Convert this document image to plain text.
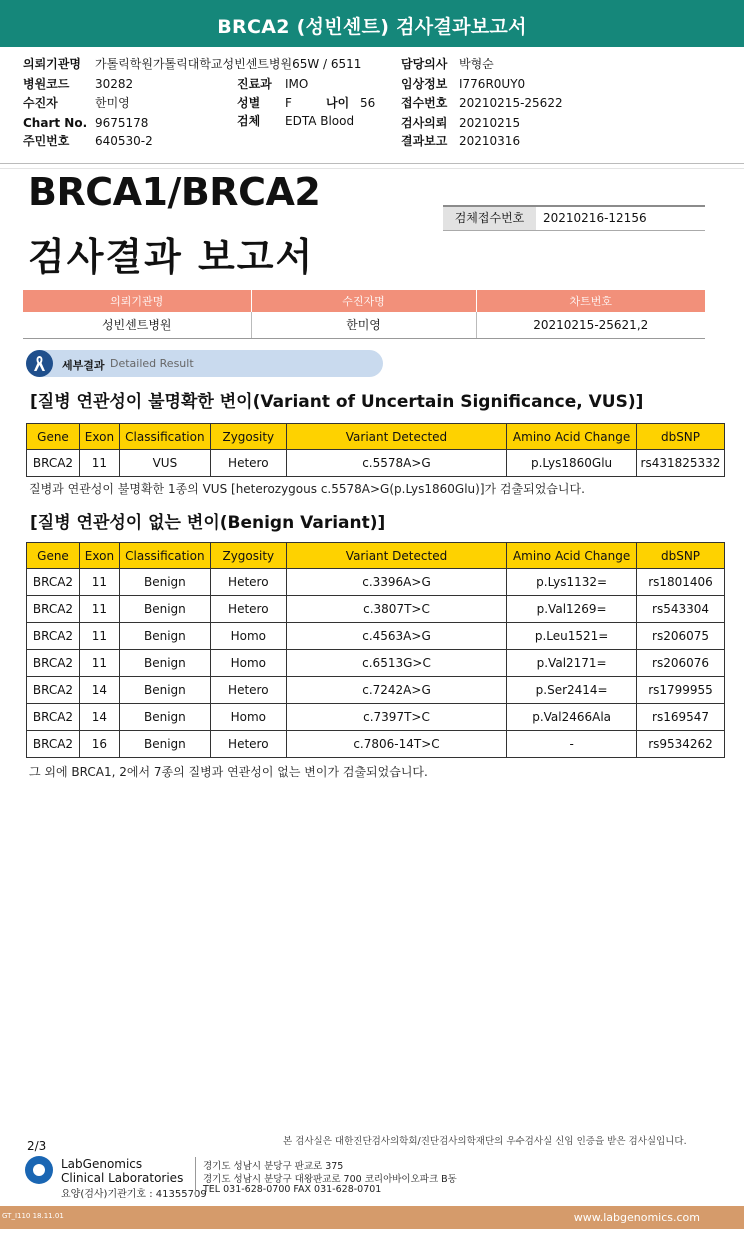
BRCA2 (성빈센트) 검사결과보고서
의뢰기관명 가톨릭학원가톨릭대학교성빈센트병원65W / 6511
병원코드 30282
수진자	한미영
Chart No. 9675178
주민번호 640530-2
진료과 IMO
성별 F	나이 56
검체 EDTA Blood
담당의사 박형순
임상정보 I776R0UY0
접수번호 20210215-25622
검사의뢰 20210215
결과보고 20210316
BRCA1/BRCA2
검사결과 보고서
검체접수번호	20210216-12156
의뢰기관명	수진자명	차트번호
성빈센트병원	한미영	20210215-25621,2
세부결과 Detailed Result
[질병 연관성이 불명확한 변이(Variant of Uncertain Significance, VUS)]
Gene	Exon	Classification	Zygosity	Variant Detected	Amino Acid Change	dbSNP
BRCA2	11	VUS	Hetero	c.5578A>G	p.Lys1860Glu	rs431825332
질병과 연관성이 불명확한 1종의 VUS [heterozygous c.5578A>G(p.Lys1860Glu)]가 검출되었습니다.
[질병 연관성이 없는 변이(Benign Variant)]
Gene	Exon	Classification	Zygosity	Variant Detected	Amino Acid Change	dbSNP
BRCA2	11	Benign	Hetero	c.3396A>G	p.Lys1132=	rs1801406
BRCA2	11	Benign	Hetero	c.3807T>C	p.Val1269=	rs543304
BRCA2	11	Benign	Homo	c.4563A>G	p.Leu1521=	rs206075
BRCA2	11	Benign	Homo	c.6513G>C	p.Val2171=	rs206076
BRCA2	14	Benign	Hetero	c.7242A>G	p.Ser2414=	rs1799955
BRCA2	14	Benign	Homo	c.7397T>C	p.Val2466Ala	rs169547
BRCA2	16	Benign	Hetero	c.7806-14T>C	-	rs9534262
그 외에 BRCA1, 2에서 7종의 질병과 연관성이 없는 변이가 검출되었습니다.
본 검사실은 대한진단검사의학회/진단검사의학재단의 우수검사실 신임 인증을 받은 검사실입니다.
2/3
LabGenomics
Clinical Laboratories
요양(검사)기관기호 : 41355709
경기도 성남시 분당구 판교로 375
경기도 성남시 분당구 대왕판교로 700 코리아바이오파크 B동
TEL 031-628-0700 FAX 031-628-0701
GT_I110 18.11.01	www.labgenomics.com
